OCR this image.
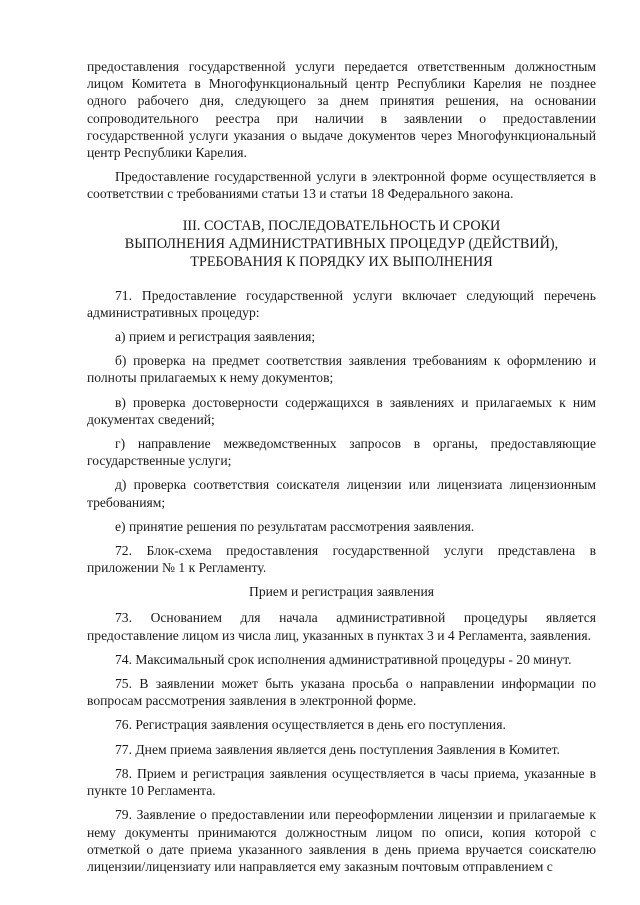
предоставления государственной услуги передается ответственным должностным лицом Комитета в Многофункциональный центр Республики Карелия не позднее одного рабочего дня, следующего за днем принятия решения, на основании сопроводительного реестра при наличии в заявлении о предоставлении государственной услуги указания о выдаче документов через Многофункциональный центр Республики Карелия.

Предоставление государственной услуги в электронной форме осуществляется в соответствии с требованиями статьи 13 и статьи 18 Федерального закона.

III. СОСТАВ, ПОСЛЕДОВАТЕЛЬНОСТЬ И СРОКИ
ВЫПОЛНЕНИЯ АДМИНИСТРАТИВНЫХ ПРОЦЕДУР (ДЕЙСТВИЙ),
ТРЕБОВАНИЯ К ПОРЯДКУ ИХ ВЫПОЛНЕНИЯ

71. Предоставление государственной услуги включает следующий перечень административных процедур:

а) прием и регистрация заявления;

б) проверка на предмет соответствия заявления требованиям к оформлению и полноты прилагаемых к нему документов;

в) проверка достоверности содержащихся в заявлениях и прилагаемых к ним документах сведений;

г) направление межведомственных запросов в органы, предоставляющие государственные услуги;

д) проверка соответствия соискателя лицензии или лицензиата лицензионным требованиям;

е) принятие решения по результатам рассмотрения заявления.

72. Блок-схема предоставления государственной услуги представлена в приложении № 1 к Регламенту.

Прием и регистрация заявления

73. Основанием для начала административной процедуры является предоставление лицом из числа лиц, указанных в пунктах 3 и 4 Регламента, заявления.

74. Максимальный срок исполнения административной процедуры - 20 минут.

75. В заявлении может быть указана просьба о направлении информации по вопросам рассмотрения заявления в электронной форме.

76. Регистрация заявления осуществляется в день его поступления.

77. Днем приема заявления является день поступления Заявления в Комитет.

78. Прием и регистрация заявления осуществляется в часы приема, указанные в пункте 10 Регламента.

79. Заявление о предоставлении или переоформлении лицензии и прилагаемые к нему документы принимаются должностным лицом по описи, копия которой с отметкой о дате приема указанного заявления в день приема вручается соискателю лицензии/лицензиату или направляется ему заказным почтовым отправлением с
